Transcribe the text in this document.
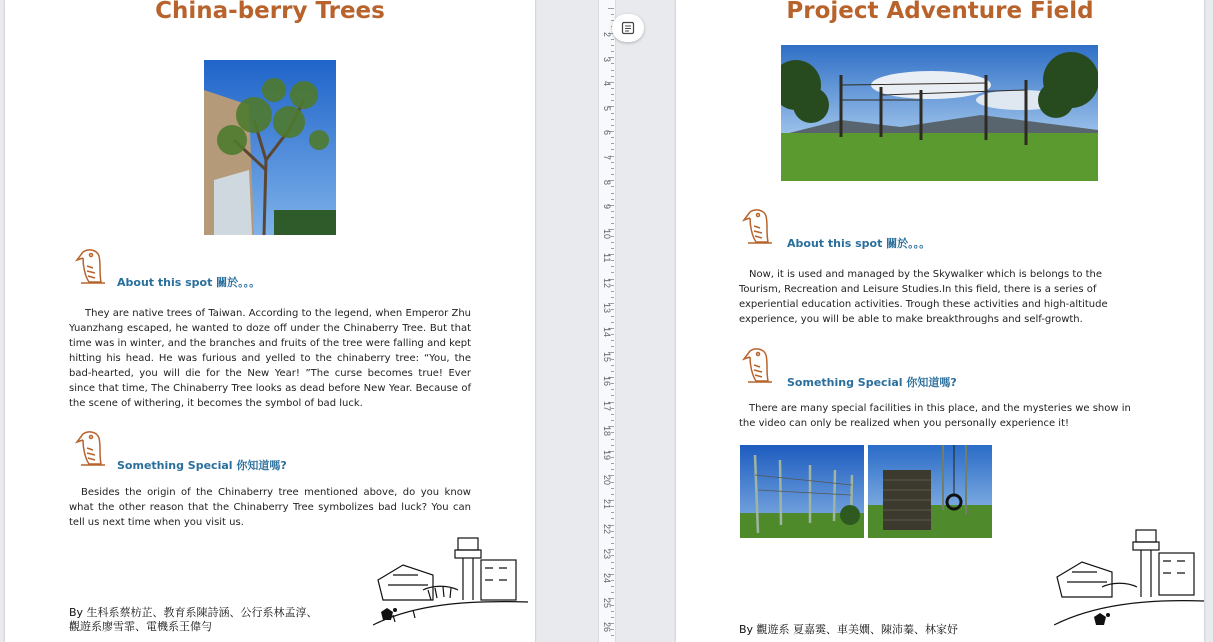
China-berry Trees
About this spot 關於。。。

They are native trees of Taiwan. According to the legend, when Emperor Zhu Yuanzhang escaped, he wanted to doze off under the Chinaberry Tree. But that time was in winter, and the branches and fruits of the tree were falling and kept hitting his head. He was furious and yelled to the chinaberry tree: “You, the bad-hearted, you will die for the New Year! ”The curse becomes true! Ever since that time, The Chinaberry Tree looks as dead before New Year. Because of the scene of withering, it becomes the symbol of bad luck.

Something Special 你知道嗎?

Besides the origin of the Chinaberry tree mentioned above, do you know what the other reason that the Chinaberry Tree symbolizes bad luck? You can tell us next time when you visit us.

By 生科系蔡枋芷、教育系陳詩涵、公行系林孟淳、
觀遊系廖雪霏、電機系王偉勻
2
3
4
5
6
7
8
9
10
11
12
13
14
15
16
17
18
19
20
21
22
23
24
25
26
Project Adventure Field
About this spot 關於。。。

Now, it is used and managed by the Skywalker which is belongs to the Tourism, Recreation and Leisure Studies.In this field, there is a series of experiential education activities. Trough these activities and high-altitude experience, you will be able to make breakthroughs and self-growth.

Something Special 你知道嗎?

There are many special facilities in this place, and the mysteries we show in the video can only be realized when you personally experience it!

By 觀遊系 夏嘉霙、車美嫺、陳沛蓁、林家妤
